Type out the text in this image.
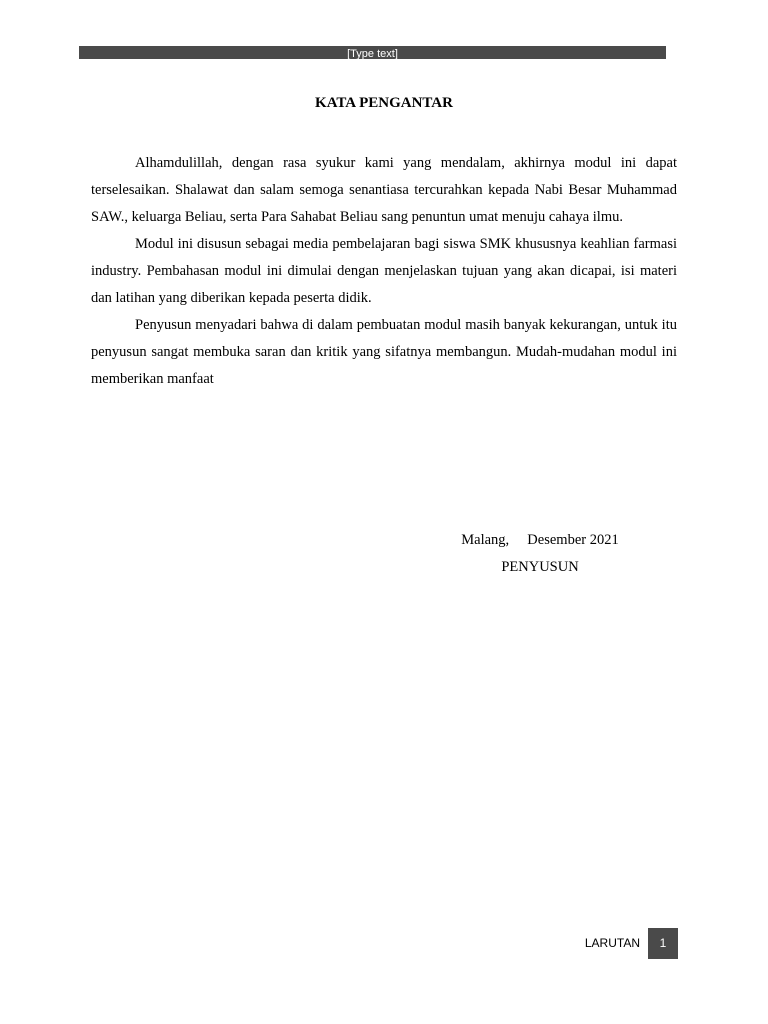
[Type text]
KATA PENGANTAR

Alhamdulillah, dengan rasa syukur kami yang mendalam, akhirnya modul ini dapat terselesaikan. Shalawat dan salam semoga senantiasa tercurahkan kepada Nabi Besar Muhammad SAW., keluarga Beliau, serta Para Sahabat Beliau sang penuntun umat menuju cahaya ilmu.

Modul ini disusun sebagai media pembelajaran bagi siswa SMK khususnya keahlian farmasi industry. Pembahasan modul ini dimulai dengan menjelaskan tujuan yang akan dicapai, isi materi dan latihan yang diberikan kepada peserta didik.

Penyusun menyadari bahwa di dalam pembuatan modul masih banyak kekurangan, untuk itu penyusun sangat membuka saran dan kritik yang sifatnya membangun. Mudah-mudahan modul ini memberikan manfaat

Malang,     Desember 2021
PENYUSUN
LARUTAN	1
